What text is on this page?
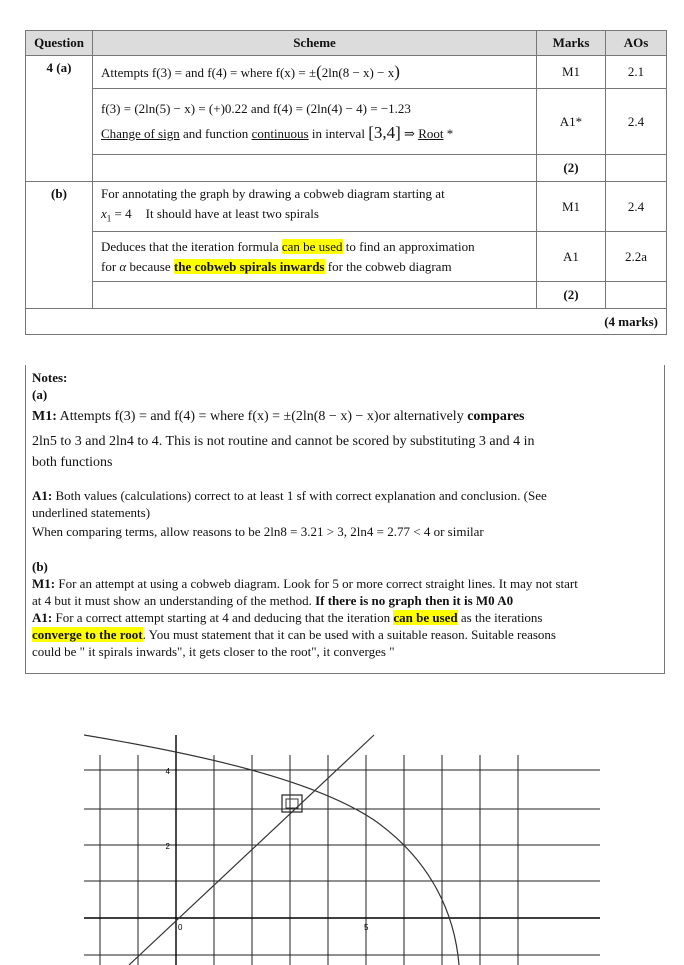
Question	Scheme	Marks	AOs
4 (a)	Attempts f(3) = and f(4) = where f(x) = ±(2ln(8 − x) − x)	M1	2.1

	f(3) = (2ln(5) − x) = (+)0.22 and f(4) = (2ln(4) − 4) = −1.23
Change of sign and function continuous in interval [3,4] ⇒ Root *	A1*	2.4
		(2)	
(b)	For annotating the graph by drawing a cobweb diagram starting at
$x_1 = 4$ It should have at least two spirals	M1	2.4

	Deduces that the iteration formula can be used to find an approximation
for α because the cobweb spirals inwards for the cobweb diagram	A1	2.2a
		(2)	
(4 marks)			

Notes:

(a)

M1: Attempts f(3) = and f(4) = where f(x) = ±(2ln(8 − x) − x)or alternatively compares

2ln5 to 3 and 2ln4 to 4. This is not routine and cannot be scored by substituting 3 and 4 in

both functions

A1: Both values (calculations) correct to at least 1 sf with correct explanation and conclusion. (See

underlined statements)

When comparing terms, allow reasons to be 2ln8 = 3.21 > 3, 2ln4 = 2.77 < 4 or similar

(b)

M1: For an attempt at using a cobweb diagram. Look for 5 or more correct straight lines. It may not start

at 4 but it must show an understanding of the method. If there is no graph then it is M0 A0

A1: For a correct attempt starting at 4 and deducing that the iteration can be used as the iterations

converge to the root. You must statement that it can be used with a suitable reason. Suitable reasons

could be " it spirals inwards", it gets closer to the root", it converges "

4
2
0	5
